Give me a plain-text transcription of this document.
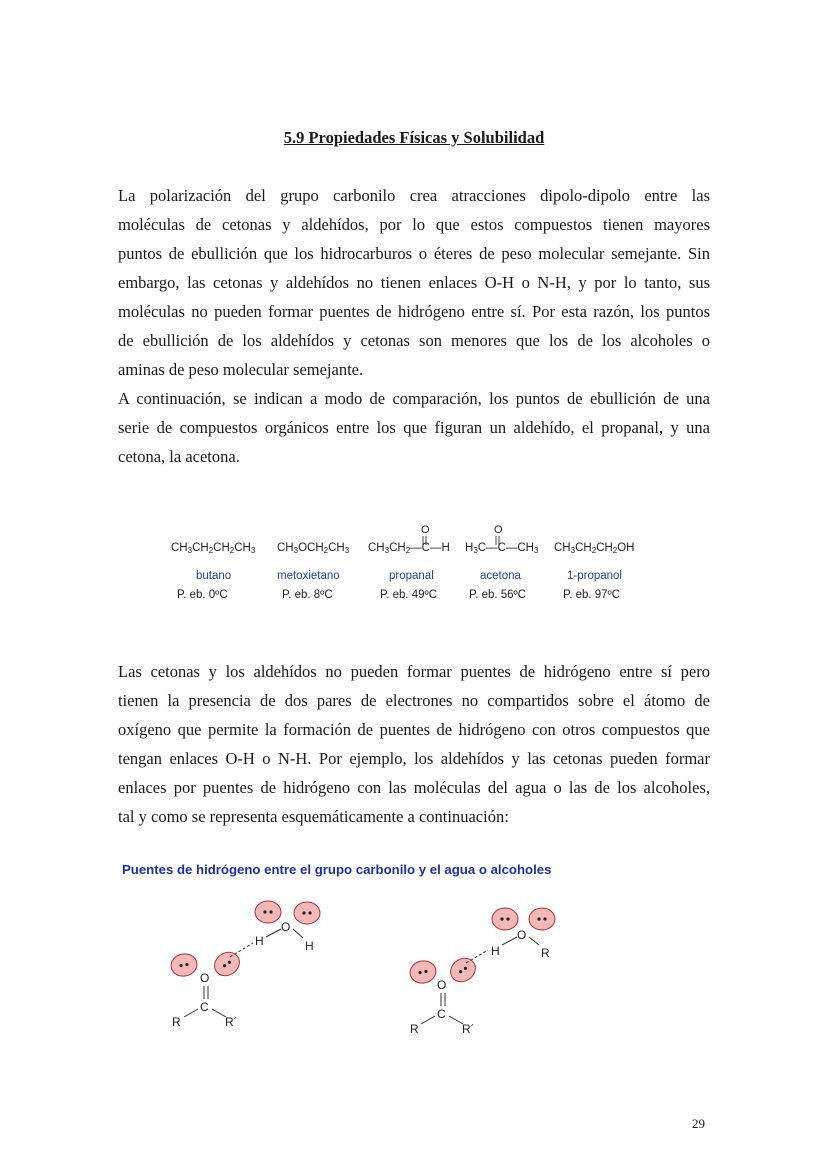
5.9 Propiedades Físicas y Solubilidad

La polarización del grupo carbonilo crea atracciones dipolo-dipolo entre las
moléculas de cetonas y aldehídos, por lo que estos compuestos tienen mayores
puntos de ebullición que los hidrocarburos o éteres de peso molecular semejante. Sin
embargo, las cetonas y aldehídos no tienen enlaces O-H o N-H, y por lo tanto, sus
moléculas no pueden formar puentes de hidrógeno entre sí. Por esta razón, los puntos
de ebullición de los aldehídos y cetonas son menores que los de los alcoholes o
aminas de peso molecular semejante.

A continuación, se indican a modo de comparación, los puntos de ebullición de una
serie de compuestos orgánicos entre los que figuran un aldehído, el propanal, y una
cetona, la acetona.

$CH_3CH_2CH_2CH_3$
butano
P. eb. 0ºC
$CH_3OCH_2CH_3$
metoxietano
P. eb. 8ºC
O
$CH_3CH_2—C—H$
propanal
P. eb. 49ºC
O
$H_3C—C—CH_3$
acetona
P. eb. 56ºC
$CH_3CH_2CH_2OH$
1-propanol
P. eb. 97ºC

Las cetonas y los aldehídos no pueden formar puentes de hidrógeno entre sí pero
tienen la presencia de dos pares de electrones no compartidos sobre el átomo de
oxígeno que permite la formación de puentes de hidrógeno con otros compuestos que
tengan enlaces O-H o N-H. Por ejemplo, los aldehídos y las cetonas pueden formar
enlaces por puentes de hidrógeno con las moléculas del agua o las de los alcoholes,
tal y como se representa esquemáticamente a continuación:

Puentes de hidrógeno entre el grupo carbonilo y el agua o alcoholes
O
C
R	R´
H
O
H
O
C
R	R´
H
O
R
29
